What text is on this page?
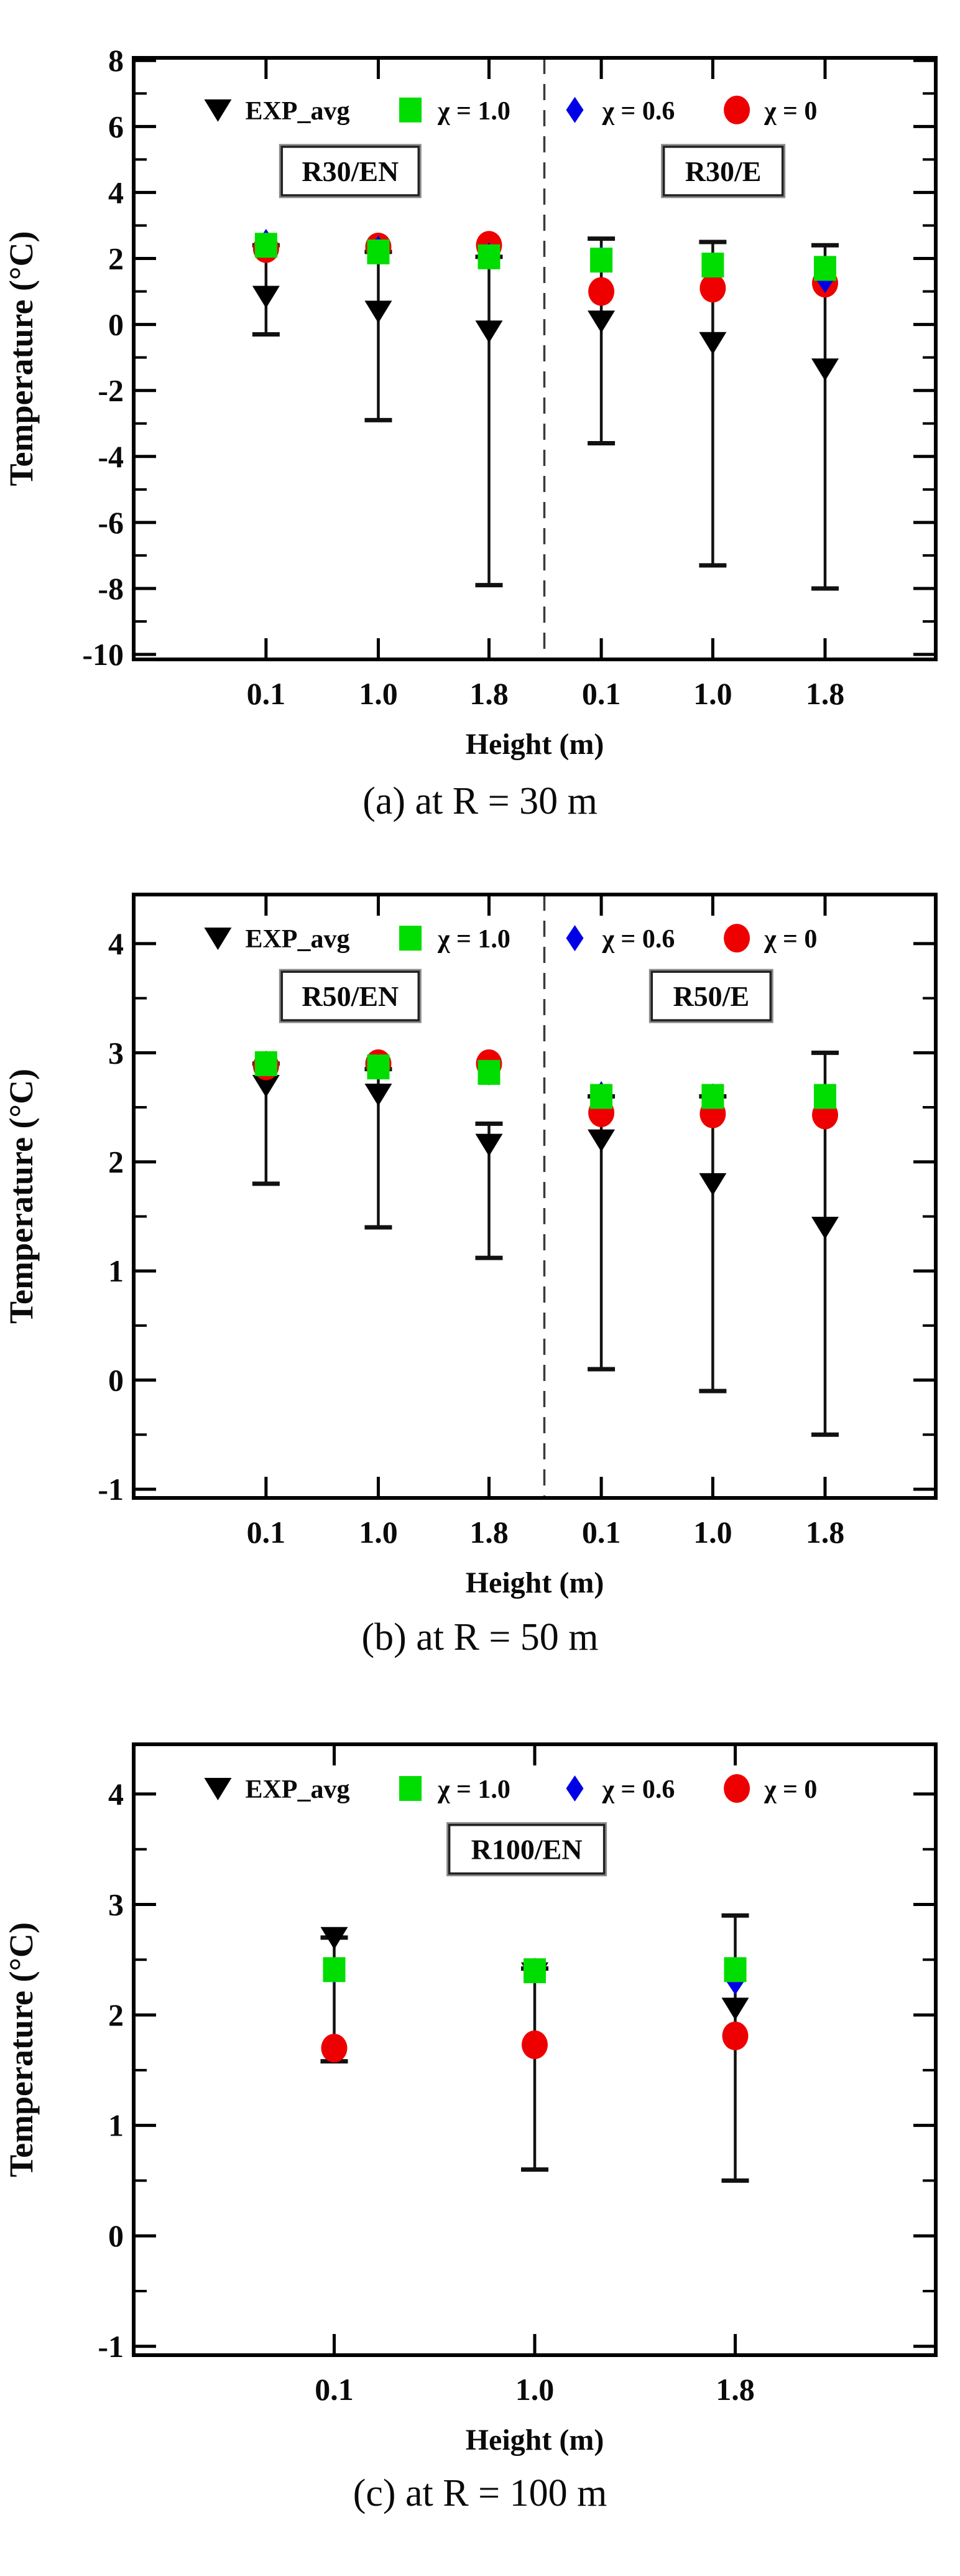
8
6
4
2
0
-2
-4
-6
-8
-10
0.1 1.0 1.8 0.1 1.0 1.8
Temperature (°C)
Height (m)
EXP_avg	χ = 1.0	χ = 0.6	χ = 0
R30/EN	R30/E
(a) at R = 30 m
4
3
2
1
0
-1
0.1 1.0 1.8 0.1 1.0 1.8
Temperature (°C)
Height (m)
EXP_avg	χ = 1.0	χ = 0.6	χ = 0
R50/EN	R50/E
(b) at R = 50 m
4
3
2
1
0
-1
0.1	1.0	1.8
Temperature (°C)
Height (m)
EXP_avg	χ = 1.0	χ = 0.6	χ = 0
R100/EN
(c) at R = 100 m
